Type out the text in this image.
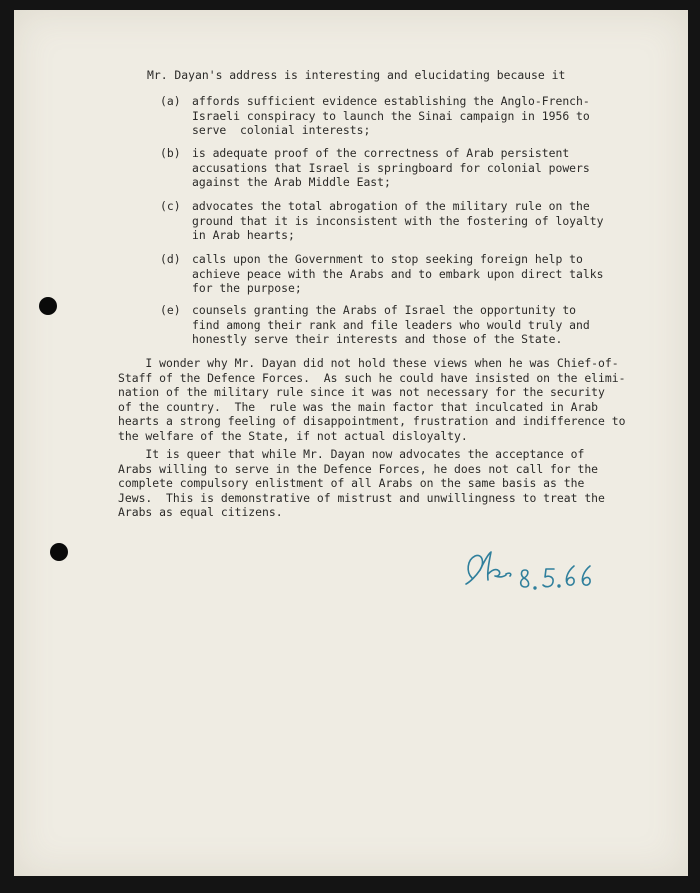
Mr. Dayan's address is interesting and elucidating because it
(a) affords sufficient evidence establishing the Anglo-French-
Israeli conspiracy to launch the Sinai campaign in 1956 to
serve  colonial interests;
(b) is adequate proof of the correctness of Arab persistent
accusations that Israel is springboard for colonial powers
against the Arab Middle East;
(c) advocates the total abrogation of the military rule on the
ground that it is inconsistent with the fostering of loyalty
in Arab hearts;
(d) calls upon the Government to stop seeking foreign help to
achieve peace with the Arabs and to embark upon direct talks
for the purpose;
(e) counsels granting the Arabs of Israel the opportunity to
find among their rank and file leaders who would truly and
honestly serve their interests and those of the State.
I wonder why Mr. Dayan did not hold these views when he was Chief-of-
Staff of the Defence Forces.  As such he could have insisted on the elimi-
nation of the military rule since it was not necessary for the security
of the country.  The  rule was the main factor that inculcated in Arab
hearts a strong feeling of disappointment, frustration and indifference to
the welfare of the State, if not actual disloyalty.
It is queer that while Mr. Dayan now advocates the acceptance of
Arabs willing to serve in the Defence Forces, he does not call for the
complete compulsory enlistment of all Arabs on the same basis as the
Jews.  This is demonstrative of mistrust and unwillingness to treat the
Arabs as equal citizens.
